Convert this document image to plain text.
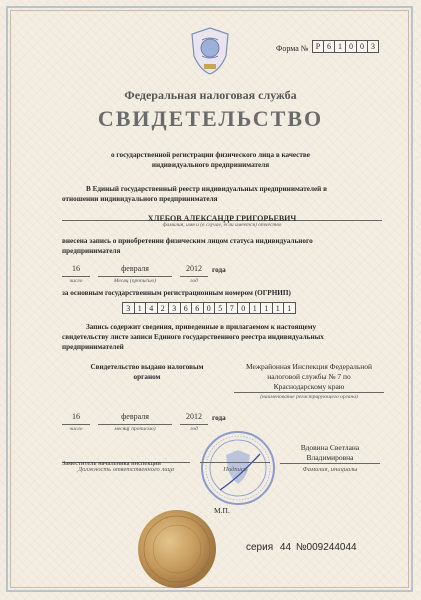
Форма № Р 6 1 0 0 3
Федеральная налоговая служба
СВИДЕТЕЛЬСТВО
о государственной регистрации физического лица в качестве
индивидуального предпринимателя
В Единый государственный реестр индивидуальных предпринимателей в
отношении индивидуального предпринимателя
ХЛЕБОВ АЛЕКСАНДР ГРИГОРЬЕВИЧ
фамилия, имя и (в случае, если имеется) отчество
внесена запись о приобретении физическим лицом статуса индивидуального
предпринимателя
16	февраля	2012	года
число	Месяц (прописью)	год
за основным государственным регистрационным номером (ОГРНИП)
3 1 4 2 3 6 6 0 5 7 0 1 1 1 1
Запись содержит сведения, приведенные в прилагаемом к настоящему
свидетельству листе записи Единого государственного реестра индивидуальных
предпринимателей
Свидетельство выдано налоговым
органом
Межрайонная Инспекция Федеральной
налоговой службы № 7 по
Краснодарскому краю
(наименование регистрирующего органа)
16	февраля	2012	года
число	месяц( прописью)	год
Заместитель начальника инспекции
Вдовина Светлана
Владимировна
Должность ответственного лица	Подпись	Фамилия, инициалы
М.П.
серия 44 №009244044
